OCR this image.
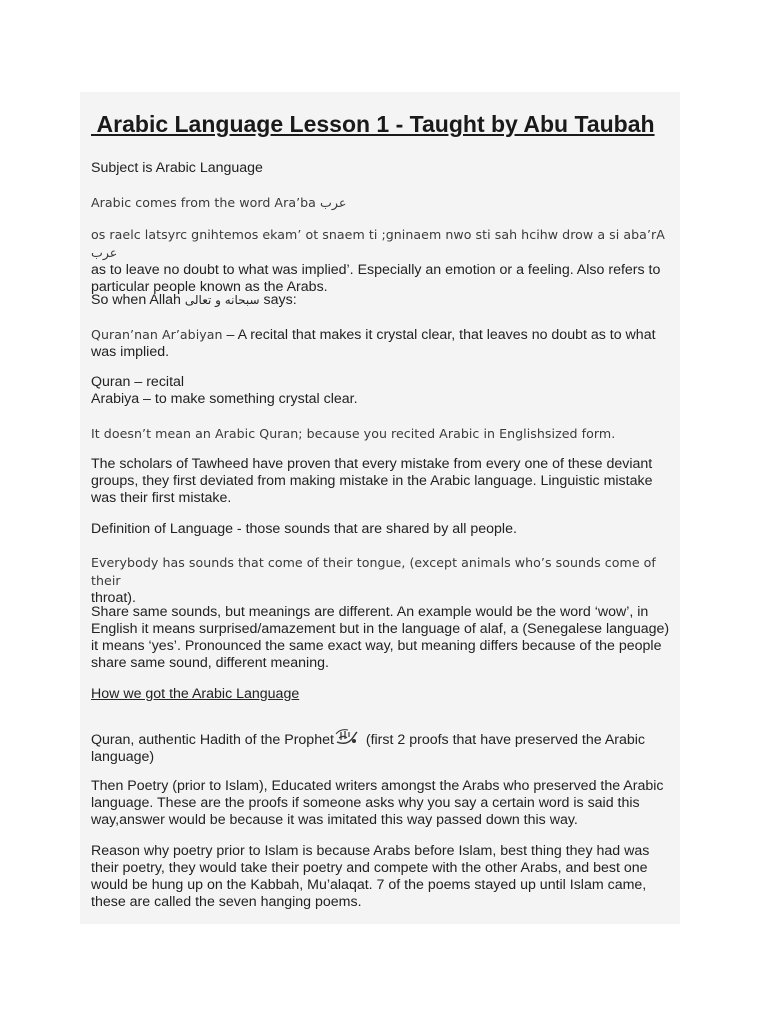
Arabic Language Lesson 1 - Taught by Abu Taubah

Subject is Arabic Language

Arabic comes from the word Ara’ba عرب

os raelc latsyrc gnihtemos ekam’ ot snaem ti ;gninaem nwo sti sah hcihw drow a si aba’rA عرب
as to leave no doubt to what was implied’. Especially an emotion or a feeling. Also refers to particular people known as the Arabs.

So when Allah سبحانه و تعالى says:

Quran’nan Ar’abiyan – A recital that makes it crystal clear, that leaves no doubt as to what was implied.

Quran – recital
Arabiya – to make something crystal clear.

It doesn’t mean an Arabic Quran; because you recited Arabic in Englishsized form.

The scholars of Tawheed have proven that every mistake from every one of these deviant groups, they first deviated from making mistake in the Arabic language. Linguistic mistake was their first mistake.

Definition of Language - those sounds that are shared by all people.

Everybody has sounds that come of their tongue, (except animals who’s sounds come of their
throat).

Share same sounds, but meanings are different. An example would be the word ‘wow’, in English it means surprised/amazement but in the language of alaf, a (Senegalese language) it means ‘yes’. Pronounced the same exact way, but meaning differs because of the people share same sound, different meaning.

How we got the Arabic Language

Quran, authentic Hadith of the Prophet (first 2 proofs that have preserved the Arabic language)

Then Poetry (prior to Islam), Educated writers amongst the Arabs who preserved the Arabic language. These are the proofs if someone asks why you say a certain word is said this way,answer would be because it was imitated this way passed down this way.

Reason why poetry prior to Islam is because Arabs before Islam, best thing they had was their poetry, they would take their poetry and compete with the other Arabs, and best one would be hung up on the Kabbah, Mu’alaqat. 7 of the poems stayed up until Islam came, these are called the seven hanging poems.
